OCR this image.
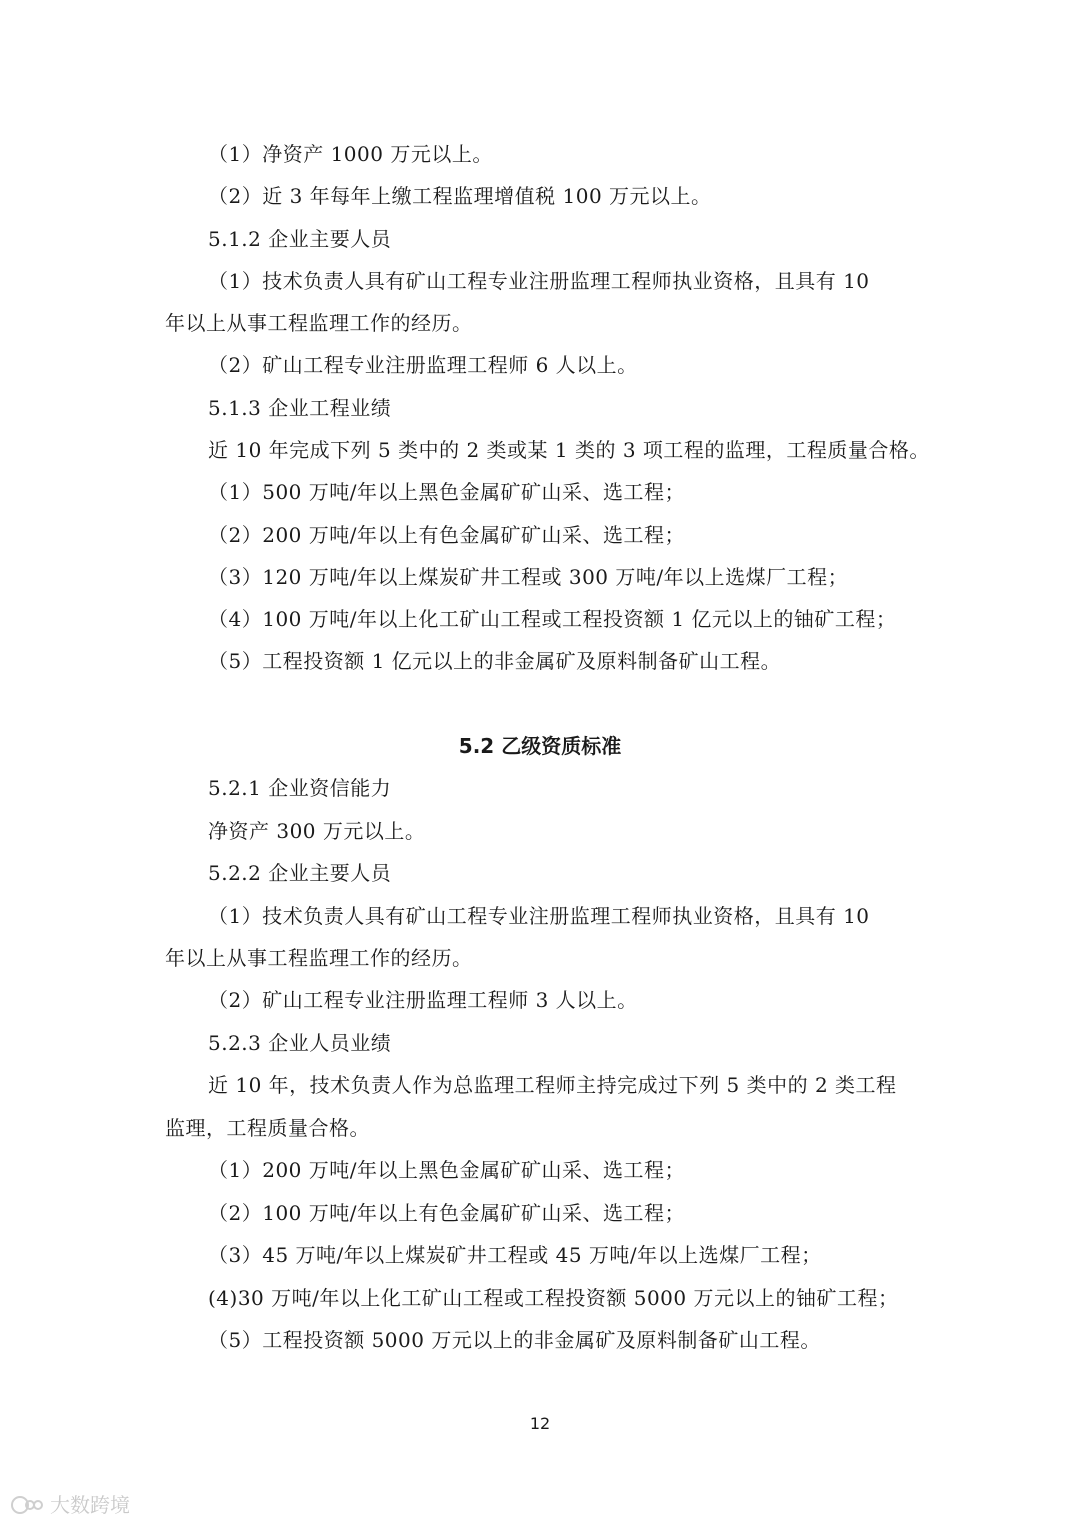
（1）净资产 1000 万元以上。
（2）近 3 年每年上缴工程监理增值税 100 万元以上。
5.1.2 企业主要人员
（1）技术负责人具有矿山工程专业注册监理工程师执业资格，且具有 10
年以上从事工程监理工作的经历。
（2）矿山工程专业注册监理工程师 6 人以上。
5.1.3 企业工程业绩
近 10 年完成下列 5 类中的 2 类或某 1 类的 3 项工程的监理，工程质量合格。
（1）500 万吨/年以上黑色金属矿矿山采、选工程；
（2）200 万吨/年以上有色金属矿矿山采、选工程；
（3）120 万吨/年以上煤炭矿井工程或 300 万吨/年以上选煤厂工程；
（4）100 万吨/年以上化工矿山工程或工程投资额 1 亿元以上的铀矿工程；
（5）工程投资额 1 亿元以上的非金属矿及原料制备矿山工程。
5.2 乙级资质标准
5.2.1 企业资信能力
净资产 300 万元以上。
5.2.2 企业主要人员
（1）技术负责人具有矿山工程专业注册监理工程师执业资格，且具有 10
年以上从事工程监理工作的经历。
（2）矿山工程专业注册监理工程师 3 人以上。
5.2.3 企业人员业绩
近 10 年，技术负责人作为总监理工程师主持完成过下列 5 类中的 2 类工程
监理，工程质量合格。
（1）200 万吨/年以上黑色金属矿矿山采、选工程；
（2）100 万吨/年以上有色金属矿矿山采、选工程；
（3）45 万吨/年以上煤炭矿井工程或 45 万吨/年以上选煤厂工程；
(4)30 万吨/年以上化工矿山工程或工程投资额 5000 万元以上的铀矿工程；
（5）工程投资额 5000 万元以上的非金属矿及原料制备矿山工程。
12
大数跨境
